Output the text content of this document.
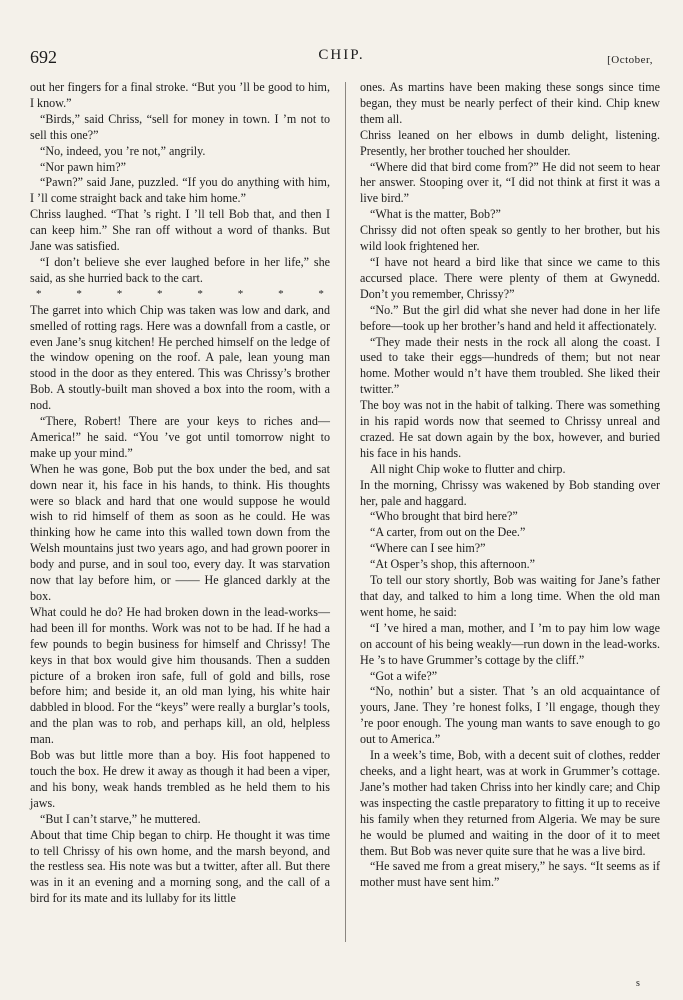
692	CHIP.	[October,

out her fingers for a final stroke. “But you ’ll be good to him, I know.”

“Birds,” said Chriss, “sell for money in town. I ’m not to sell this one?”

“No, indeed, you ’re not,” angrily.

“Nor pawn him?”

“Pawn?” said Jane, puzzled. “If you do anything with him, I ’ll come straight back and take him home.”

Chriss laughed. “That ’s right. I ’ll tell Bob that, and then I can keep him.” She ran off without a word of thanks. But Jane was satisfied.

“I don’t believe she ever laughed before in her life,” she said, as she hurried back to the cart.

*	*	*	*	*	*	*	*

The garret into which Chip was taken was low and dark, and smelled of rotting rags. Here was a downfall from a castle, or even Jane’s snug kitchen! He perched himself on the ledge of the window opening on the roof. A pale, lean young man stood in the door as they entered. This was Chrissy’s brother Bob. A stoutly-built man shoved a box into the room, with a nod.

“There, Robert! There are your keys to riches and—America!” he said. “You ’ve got until tomorrow night to make up your mind.”

When he was gone, Bob put the box under the bed, and sat down near it, his face in his hands, to think. His thoughts were so black and hard that one would suppose he would wish to rid himself of them as soon as he could. He was thinking how he came into this walled town down from the Welsh mountains just two years ago, and had grown poorer in body and purse, and in soul too, every day. It was starvation now that lay before him, or —— He glanced darkly at the box.

What could he do? He had broken down in the lead-works—had been ill for months. Work was not to be had. If he had a few pounds to begin business for himself and Chrissy! The keys in that box would give him thousands. Then a sudden picture of a broken iron safe, full of gold and bills, rose before him; and beside it, an old man lying, his white hair dabbled in blood. For the “keys” were really a burglar’s tools, and the plan was to rob, and perhaps kill, an old, helpless man.

Bob was but little more than a boy. His foot happened to touch the box. He drew it away as though it had been a viper, and his bony, weak hands trembled as he held them to his jaws.

“But I can’t starve,” he muttered.

About that time Chip began to chirp. He thought it was time to tell Chrissy of his own home, and the marsh beyond, and the restless sea. His note was but a twitter, after all. But there was in it an evening and a morning song, and the call of a bird for its mate and its lullaby for its little

ones. As martins have been making these songs since time began, they must be nearly perfect of their kind. Chip knew them all.

Chriss leaned on her elbows in dumb delight, listening. Presently, her brother touched her shoulder.

“Where did that bird come from?” He did not seem to hear her answer. Stooping over it, “I did not think at first it was a live bird.”

“What is the matter, Bob?”

Chrissy did not often speak so gently to her brother, but his wild look frightened her.

“I have not heard a bird like that since we came to this accursed place. There were plenty of them at Gwynedd. Don’t you remember, Chrissy?”

“No.” But the girl did what she never had done in her life before—took up her brother’s hand and held it affectionately.

“They made their nests in the rock all along the coast. I used to take their eggs—hundreds of them; but not near home. Mother would n’t have them troubled. She liked their twitter.”

The boy was not in the habit of talking. There was something in his rapid words now that seemed to Chrissy unreal and crazed. He sat down again by the box, however, and buried his face in his hands.

All night Chip woke to flutter and chirp.

In the morning, Chrissy was wakened by Bob standing over her, pale and haggard.

“Who brought that bird here?”

“A carter, from out on the Dee.”

“Where can I see him?”

“At Osper’s shop, this afternoon.”

To tell our story shortly, Bob was waiting for Jane’s father that day, and talked to him a long time. When the old man went home, he said:

“I ’ve hired a man, mother, and I ’m to pay him low wage on account of his being weakly—run down in the lead-works. He ’s to have Grummer’s cottage by the cliff.”

“Got a wife?”

“No, nothin’ but a sister. That ’s an old acquaintance of yours, Jane. They ’re honest folks, I ’ll engage, though they ’re poor enough. The young man wants to save enough to go out to America.”

In a week’s time, Bob, with a decent suit of clothes, redder cheeks, and a light heart, was at work in Grummer’s cottage. Jane’s mother had taken Chriss into her kindly care; and Chip was inspecting the castle preparatory to fitting it up to receive his family when they returned from Algeria. We may be sure he would be plumed and waiting in the door of it to meet them. But Bob was never quite sure that he was a live bird.

“He saved me from a great misery,” he says. “It seems as if mother must have sent him.”

s
